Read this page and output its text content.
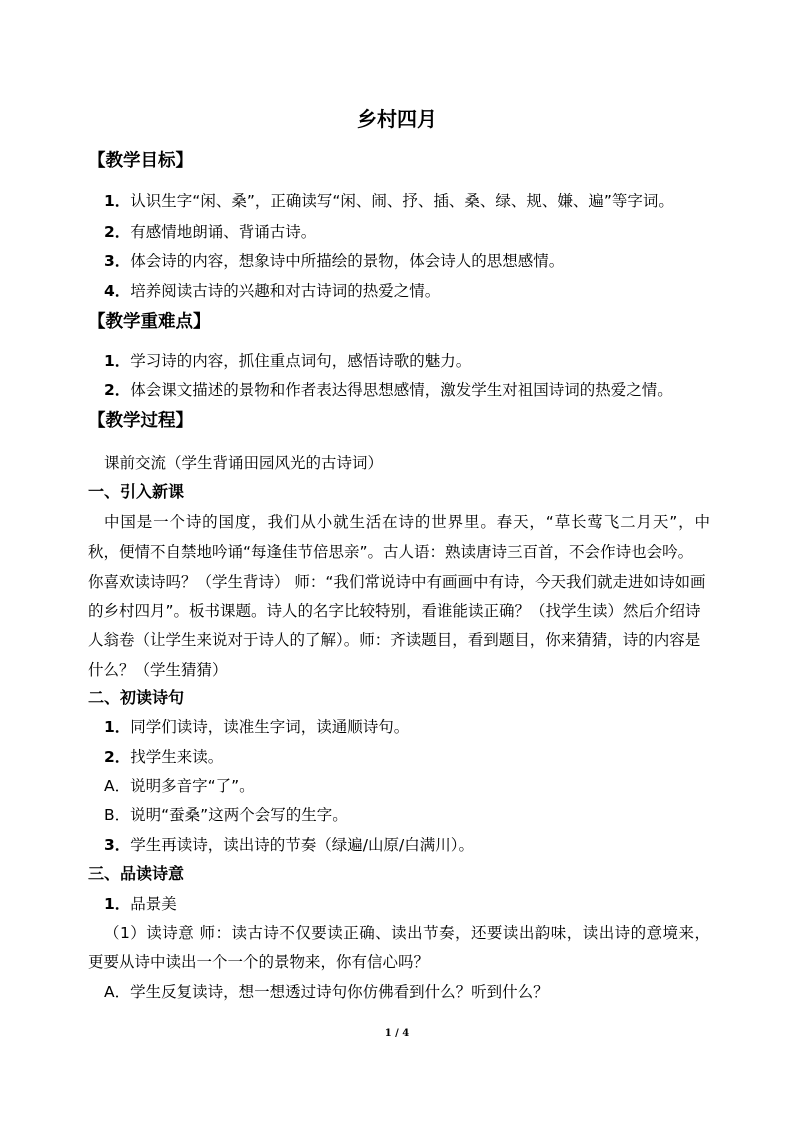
乡村四月
【教学目标】
1．认识生字“闲、桑”，正确读写“闲、闹、抒、插、桑、绿、规、嫌、遍”等字词。
2．有感情地朗诵、背诵古诗。
3．体会诗的内容，想象诗中所描绘的景物，体会诗人的思想感情。
4．培养阅读古诗的兴趣和对古诗词的热爱之情。
【教学重难点】
1．学习诗的内容，抓住重点词句，感悟诗歌的魅力。
2．体会课文描述的景物和作者表达得思想感情，激发学生对祖国诗词的热爱之情。
【教学过程】
课前交流（学生背诵田园风光的古诗词）
一、引入新课
中国是一个诗的国度，我们从小就生活在诗的世界里。春天，“草长莺飞二月天”，中
秋，便情不自禁地吟诵“每逢佳节倍思亲”。古人语：熟读唐诗三百首，不会作诗也会吟。
你喜欢读诗吗？（学生背诗） 师：“我们常说诗中有画画中有诗，今天我们就走进如诗如画
的乡村四月”。板书课题。诗人的名字比较特别，看谁能读正确？（找学生读）然后介绍诗
人翁卷（让学生来说对于诗人的了解）。师：齐读题目，看到题目，你来猜猜，诗的内容是
什么？（学生猜猜）
二、初读诗句
1．同学们读诗，读准生字词，读通顺诗句。
2．找学生来读。
A．说明多音字“了”。
B．说明“蚕桑”这两个会写的生字。
3．学生再读诗，读出诗的节奏（绿遍/山原/白满川）。
三、品读诗意
1．品景美
（1）读诗意 师：读古诗不仅要读正确、读出节奏，还要读出韵味，读出诗的意境来，
更要从诗中读出一个一个的景物来，你有信心吗？
A．学生反复读诗，想一想透过诗句你仿佛看到什么？听到什么？
1 / 4
